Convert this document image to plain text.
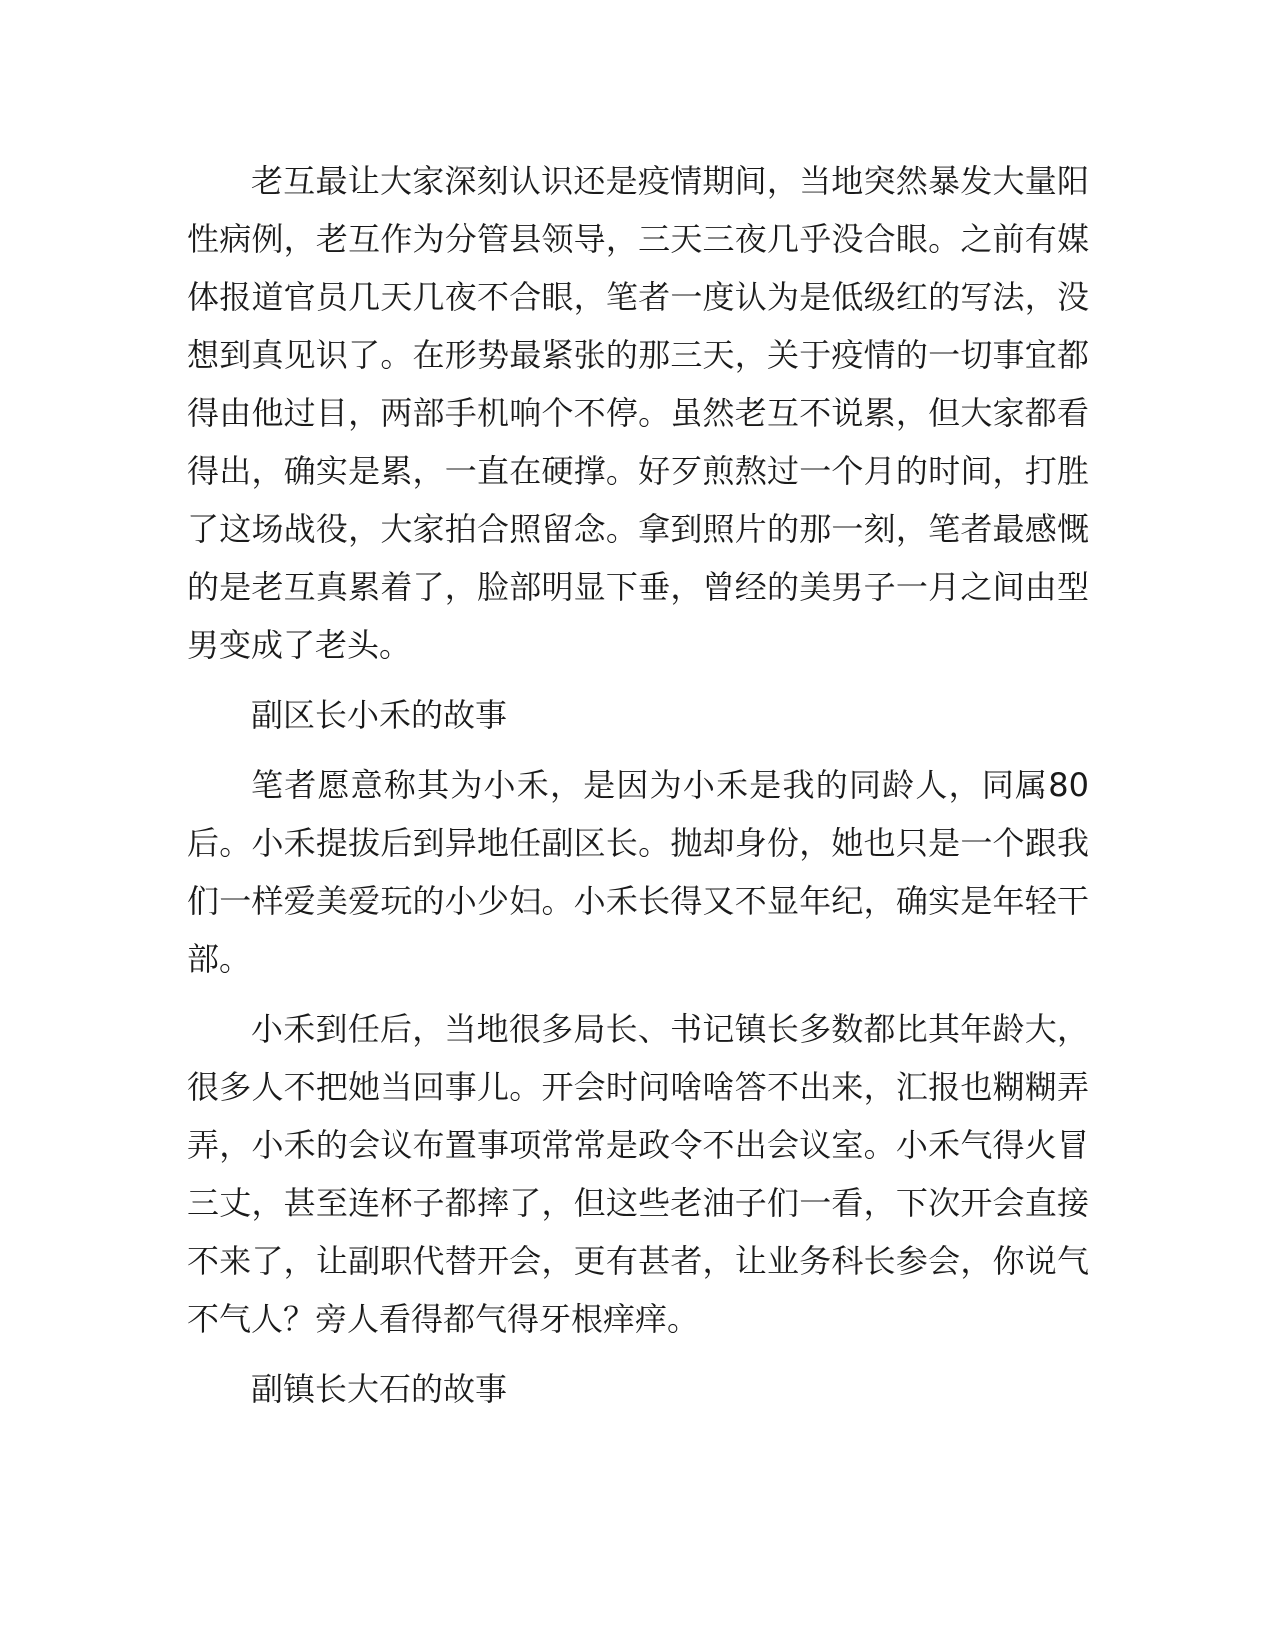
老互最让大家深刻认识还是疫情期间，当地突然暴发大量阳性病例，老互作为分管县领导，三天三夜几乎没合眼。之前有媒体报道官员几天几夜不合眼，笔者一度认为是低级红的写法，没想到真见识了。在形势最紧张的那三天，关于疫情的一切事宜都得由他过目，两部手机响个不停。虽然老互不说累，但大家都看得出，确实是累，一直在硬撑。好歹煎熬过一个月的时间，打胜了这场战役，大家拍合照留念。拿到照片的那一刻，笔者最感慨的是老互真累着了，脸部明显下垂，曾经的美男子一月之间由型男变成了老头。

副区长小禾的故事

笔者愿意称其为小禾，是因为小禾是我的同龄人，同属80后。小禾提拔后到异地任副区长。抛却身份，她也只是一个跟我们一样爱美爱玩的小少妇。小禾长得又不显年纪，确实是年轻干部。

小禾到任后，当地很多局长、书记镇长多数都比其年龄大，很多人不把她当回事儿。开会时问啥啥答不出来，汇报也糊糊弄弄，小禾的会议布置事项常常是政令不出会议室。小禾气得火冒三丈，甚至连杯子都摔了，但这些老油子们一看，下次开会直接不来了，让副职代替开会，更有甚者，让业务科长参会，你说气不气人？旁人看得都气得牙根痒痒。

副镇长大石的故事
